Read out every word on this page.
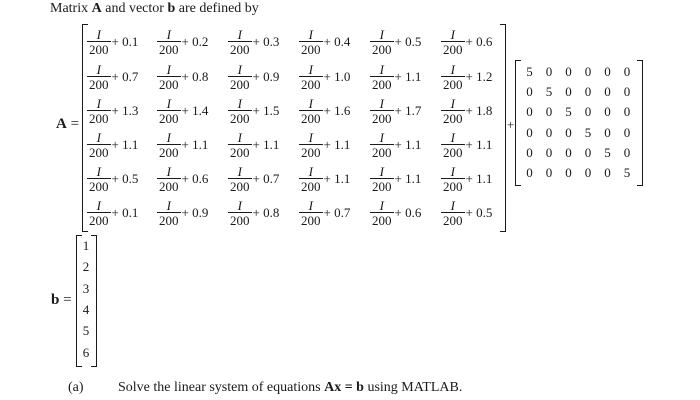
Matrix A and vector b are defined by
A =
$\frac{I}{200} + 0.1 \frac{I}{200} + 0.2 \frac{I}{200} + 0.3 \frac{I}{200} + 0.4 \frac{I}{200} + 0.5 \frac{I}{200} + 0.6$
$\frac{I}{200} + 0.7 \frac{I}{200} + 0.8 \frac{I}{200} + 0.9 \frac{I}{200} + 1.0 \frac{I}{200} + 1.1 \frac{I}{200} + 1.2$
$\frac{I}{200} + 1.3 \frac{I}{200} + 1.4 \frac{I}{200} + 1.5 \frac{I}{200} + 1.6 \frac{I}{200} + 1.7 \frac{I}{200} + 1.8$
$\frac{I}{200} + 1.1 \frac{I}{200} + 1.1 \frac{I}{200} + 1.1 \frac{I}{200} + 1.1 \frac{I}{200} + 1.1 \frac{I}{200} + 1.1$
$\frac{I}{200} + 0.5 \frac{I}{200} + 0.6 \frac{I}{200} + 0.7 \frac{I}{200} + 1.1 \frac{I}{200} + 1.1 \frac{I}{200} + 1.1$
$\frac{I}{200} + 0.1 \frac{I}{200} + 0.9 \frac{I}{200} + 0.8 \frac{I}{200} + 0.7 \frac{I}{200} + 0.6 \frac{I}{200} + 0.5$
+
5	0	0	0	0	0
0	5	0	0	0	0
0	0	5	0	0	0
0	0	0	5	0	0
0	0	0	0	5	0
0	0	0	0	0	5
b =
1
2
3
4
5
6
(a) Solve the linear system of equations Ax = b using MATLAB.
